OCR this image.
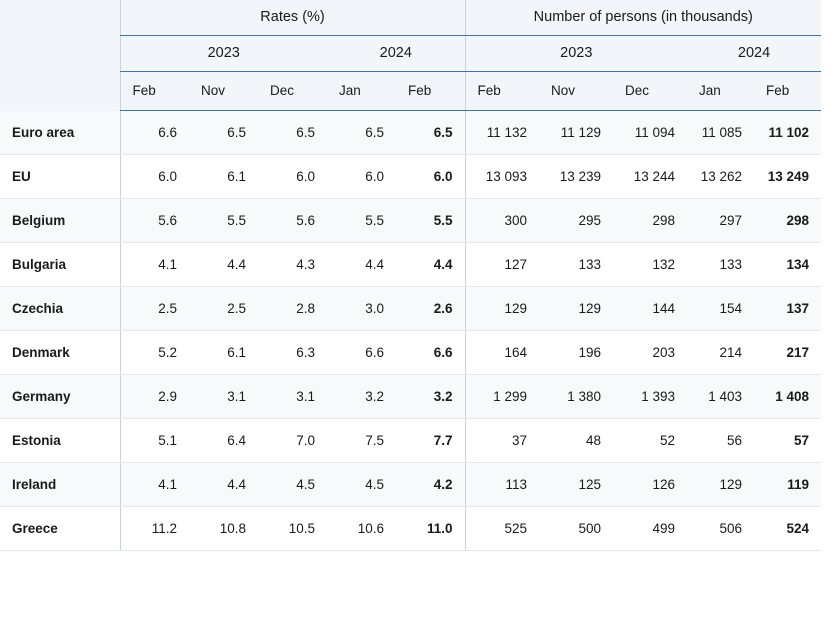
	Rates (%)					Number of persons (in thousands)				
	2023			2024		2023			2024	
	Feb	Nov	Dec	Jan	Feb	Feb	Nov	Dec	Jan	Feb
Euro area	6.6	6.5	6.5	6.5	6.5	11 132	11 129	11 094	11 085	11 102
EU	6.0	6.1	6.0	6.0	6.0	13 093	13 239	13 244	13 262	13 249
Belgium	5.6	5.5	5.6	5.5	5.5	300	295	298	297	298
Bulgaria	4.1	4.4	4.3	4.4	4.4	127	133	132	133	134
Czechia	2.5	2.5	2.8	3.0	2.6	129	129	144	154	137
Denmark	5.2	6.1	6.3	6.6	6.6	164	196	203	214	217
Germany	2.9	3.1	3.1	3.2	3.2	1 299	1 380	1 393	1 403	1 408
Estonia	5.1	6.4	7.0	7.5	7.7	37	48	52	56	57
Ireland	4.1	4.4	4.5	4.5	4.2	113	125	126	129	119
Greece	11.2	10.8	10.5	10.6	11.0	525	500	499	506	524
